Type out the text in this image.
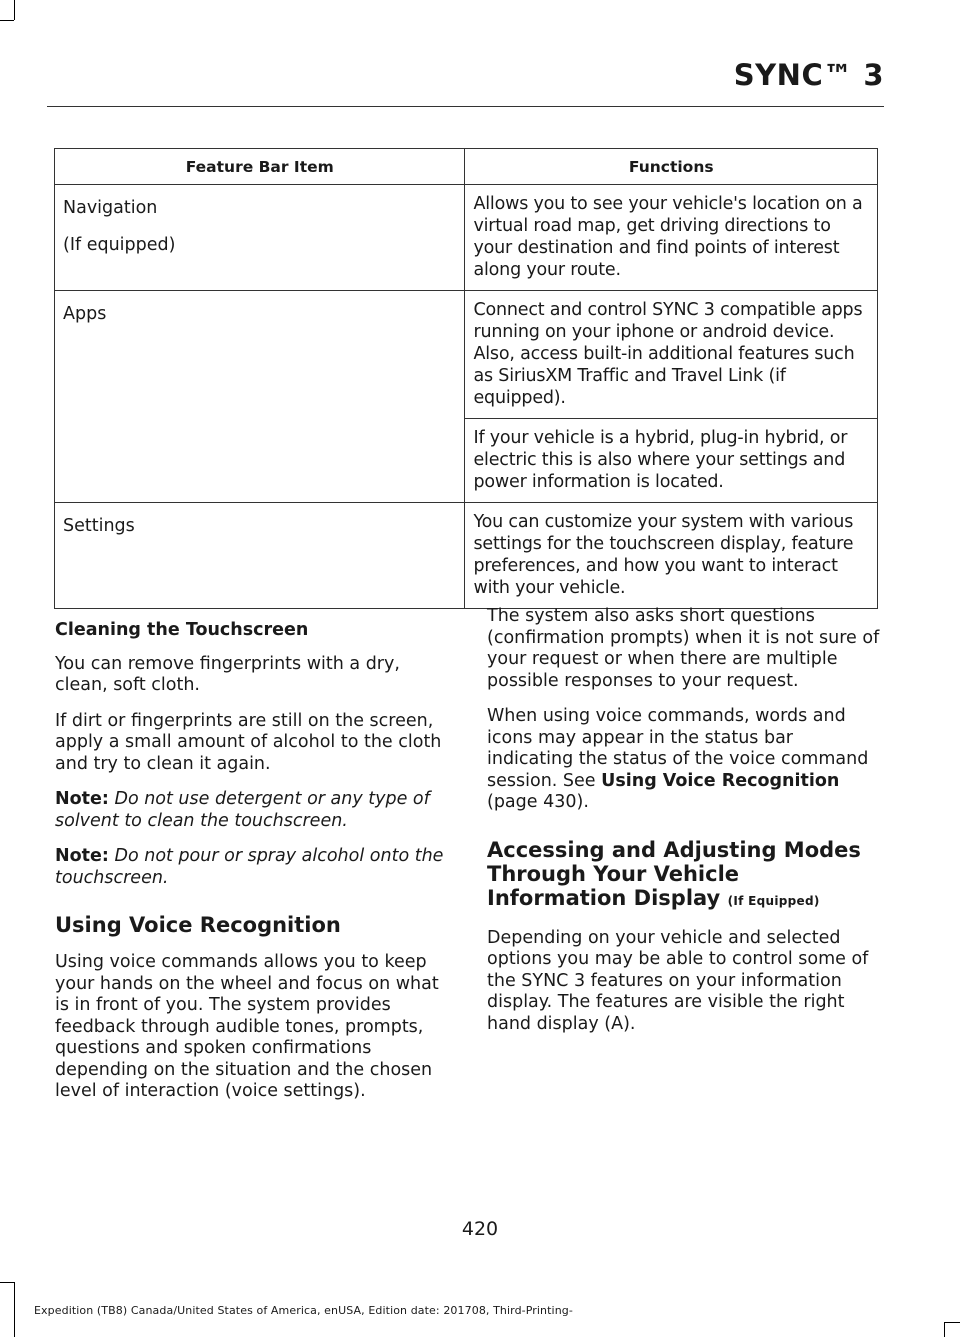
SYNC™ 3
Feature Bar Item	Functions

Navigation

(If equipped)	Allows you to see your vehicle's location on a virtual road map, get driving directions to your destination and find points of interest along your route.

Apps	Connect and control SYNC 3 compatible apps running on your iphone or android device. Also, access built-in additional features such as SiriusXM Traffic and Travel Link (if equipped).
	If your vehicle is a hybrid, plug-in hybrid, or electric this is also where your settings and power information is located.

Settings	You can customize your system with various settings for the touchscreen display, feature preferences, and how you want to interact with your vehicle.
Cleaning the Touchscreen

You can remove fingerprints with a dry, clean, soft cloth.

If dirt or fingerprints are still on the screen, apply a small amount of alcohol to the cloth and try to clean it again.

Note: Do not use detergent or any type of solvent to clean the touchscreen.

Note: Do not pour or spray alcohol onto the touchscreen.

Using Voice Recognition

Using voice commands allows you to keep your hands on the wheel and focus on what is in front of you. The system provides feedback through audible tones, prompts, questions and spoken confirmations depending on the situation and the chosen level of interaction (voice settings).

The system also asks short questions (confirmation prompts) when it is not sure of your request or when there are multiple possible responses to your request.

When using voice commands, words and icons may appear in the status bar indicating the status of the voice command session. See Using Voice Recognition (page 430).

Accessing and Adjusting Modes Through Your Vehicle Information Display (If Equipped)

Depending on your vehicle and selected options you may be able to control some of the SYNC 3 features on your information display. The features are visible the right hand display (A).

420
Expedition (TB8) Canada/United States of America, enUSA, Edition date: 201708, Third-Printing-
